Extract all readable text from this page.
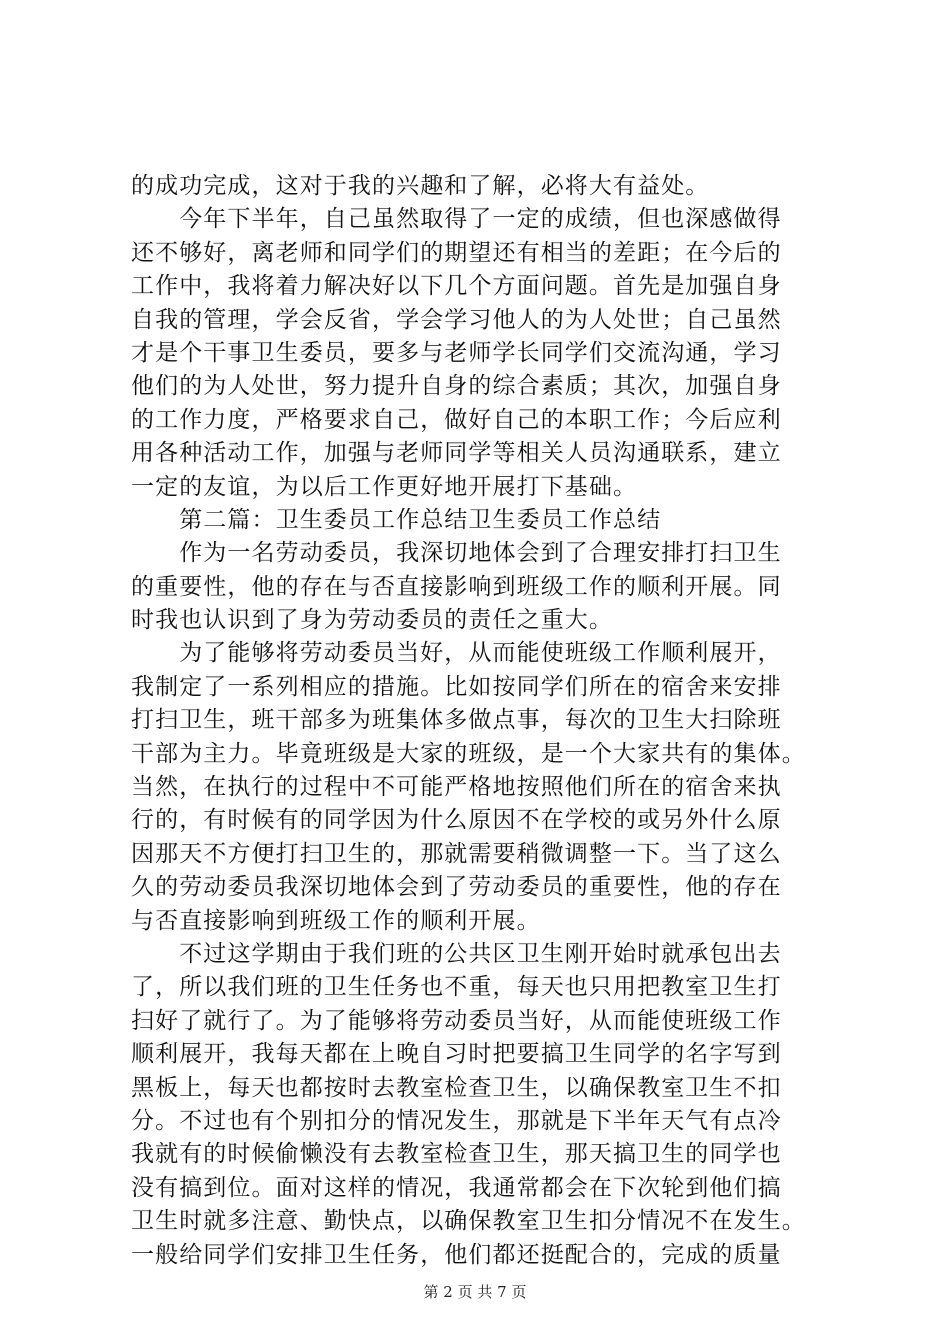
的成功完成，这对于我的兴趣和了解，必将大有益处。
　　今年下半年，自己虽然取得了一定的成绩，但也深感做得
还不够好，离老师和同学们的期望还有相当的差距；在今后的
工作中，我将着力解决好以下几个方面问题。首先是加强自身
自我的管理，学会反省，学会学习他人的为人处世；自己虽然
才是个干事卫生委员，要多与老师学长同学们交流沟通，学习
他们的为人处世，努力提升自身的综合素质；其次，加强自身
的工作力度，严格要求自己，做好自己的本职工作；今后应利
用各种活动工作，加强与老师同学等相关人员沟通联系，建立
一定的友谊，为以后工作更好地开展打下基础。
　　第二篇：卫生委员工作总结卫生委员工作总结
　　作为一名劳动委员，我深切地体会到了合理安排打扫卫生
的重要性，他的存在与否直接影响到班级工作的顺利开展。同
时我也认识到了身为劳动委员的责任之重大。
　　为了能够将劳动委员当好，从而能使班级工作顺利展开，
我制定了一系列相应的措施。比如按同学们所在的宿舍来安排
打扫卫生，班干部多为班集体多做点事，每次的卫生大扫除班
干部为主力。毕竟班级是大家的班级，是一个大家共有的集体。
当然，在执行的过程中不可能严格地按照他们所在的宿舍来执
行的，有时候有的同学因为什么原因不在学校的或另外什么原
因那天不方便打扫卫生的，那就需要稍微调整一下。当了这么
久的劳动委员我深切地体会到了劳动委员的重要性，他的存在
与否直接影响到班级工作的顺利开展。
　　不过这学期由于我们班的公共区卫生刚开始时就承包出去
了，所以我们班的卫生任务也不重，每天也只用把教室卫生打
扫好了就行了。为了能够将劳动委员当好，从而能使班级工作
顺利展开，我每天都在上晚自习时把要搞卫生同学的名字写到
黑板上，每天也都按时去教室检查卫生，以确保教室卫生不扣
分。不过也有个别扣分的情况发生，那就是下半年天气有点冷
我就有的时候偷懒没有去教室检查卫生，那天搞卫生的同学也
没有搞到位。面对这样的情况，我通常都会在下次轮到他们搞
卫生时就多注意、勤快点，以确保教室卫生扣分情况不在发生。
一般给同学们安排卫生任务，他们都还挺配合的，完成的质量
第 2 页 共 7 页
